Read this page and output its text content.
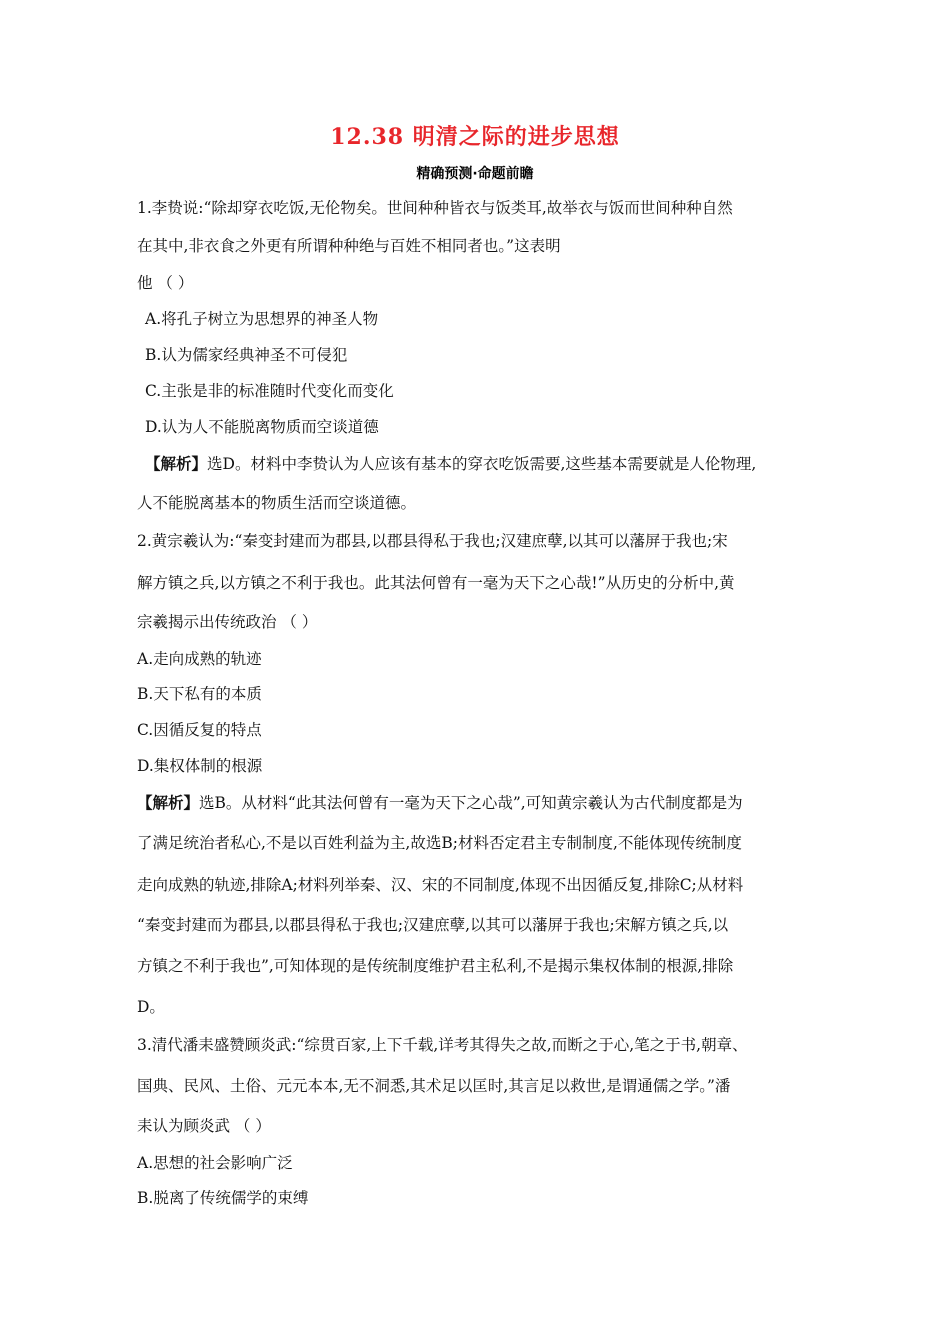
12.38 明清之际的进步思想
精确预测·命题前瞻
1.李贽说:“除却穿衣吃饭,无伦物矣。世间种种皆衣与饭类耳,故举衣与饭而世间种种自然
在其中,非衣食之外更有所谓种种绝与百姓不相同者也。”这表明
他 （ ）
A.将孔子树立为思想界的神圣人物
B.认为儒家经典神圣不可侵犯
C.主张是非的标准随时代变化而变化
D.认为人不能脱离物质而空谈道德
【解析】选D。材料中李贽认为人应该有基本的穿衣吃饭需要,这些基本需要就是人伦物理,
人不能脱离基本的物质生活而空谈道德。
2.黄宗羲认为:“秦变封建而为郡县,以郡县得私于我也;汉建庶孽,以其可以藩屏于我也;宋
解方镇之兵,以方镇之不利于我也。此其法何曾有一毫为天下之心哉!”从历史的分析中,黄
宗羲揭示出传统政治 （ ）
A.走向成熟的轨迹
B.天下私有的本质
C.因循反复的特点
D.集权体制的根源
【解析】选B。从材料“此其法何曾有一毫为天下之心哉”,可知黄宗羲认为古代制度都是为
了满足统治者私心,不是以百姓利益为主,故选B;材料否定君主专制制度,不能体现传统制度
走向成熟的轨迹,排除A;材料列举秦、汉、宋的不同制度,体现不出因循反复,排除C;从材料
“秦变封建而为郡县,以郡县得私于我也;汉建庶孽,以其可以藩屏于我也;宋解方镇之兵,以
方镇之不利于我也”,可知体现的是传统制度维护君主私利,不是揭示集权体制的根源,排除
D。
3.清代潘耒盛赞顾炎武:“综贯百家,上下千载,详考其得失之故,而断之于心,笔之于书,朝章、
国典、民风、土俗、元元本本,无不洞悉,其术足以匡时,其言足以救世,是谓通儒之学。”潘
耒认为顾炎武 （ ）
A.思想的社会影响广泛
B.脱离了传统儒学的束缚
